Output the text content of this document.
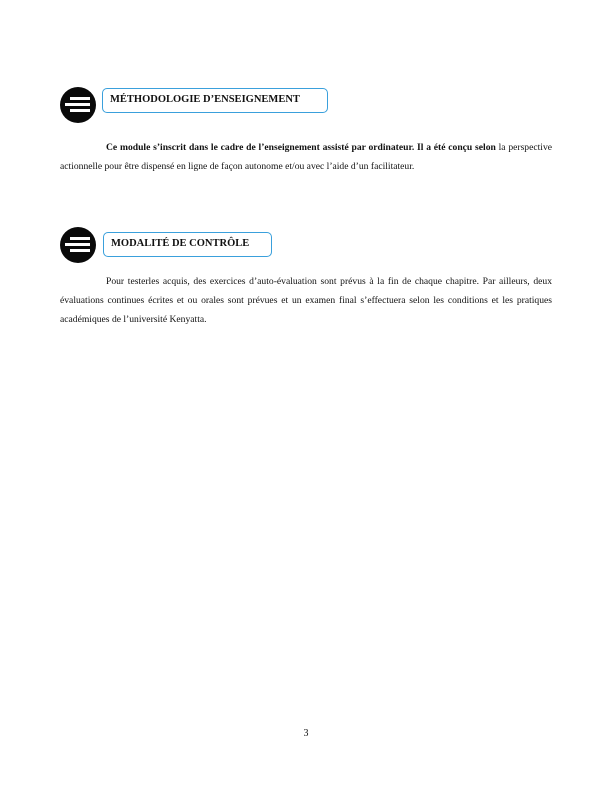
MÉTHODOLOGIE D’ENSEIGNEMENT

Ce module s’inscrit dans le cadre de l’enseignement assisté par ordinateur. Il a été conçu selon la perspective actionnelle pour être dispensé en ligne de façon autonome et/ou avec l’aide d’un facilitateur.

MODALITÉ DE CONTRÔLE

Pour testerles acquis, des exercices d’auto-évaluation sont prévus à la fin de chaque chapitre. Par ailleurs, deux évaluations continues écrites et ou orales sont prévues et un examen final s’effectuera selon les conditions et les pratiques académiques de l’université Kenyatta.

3
